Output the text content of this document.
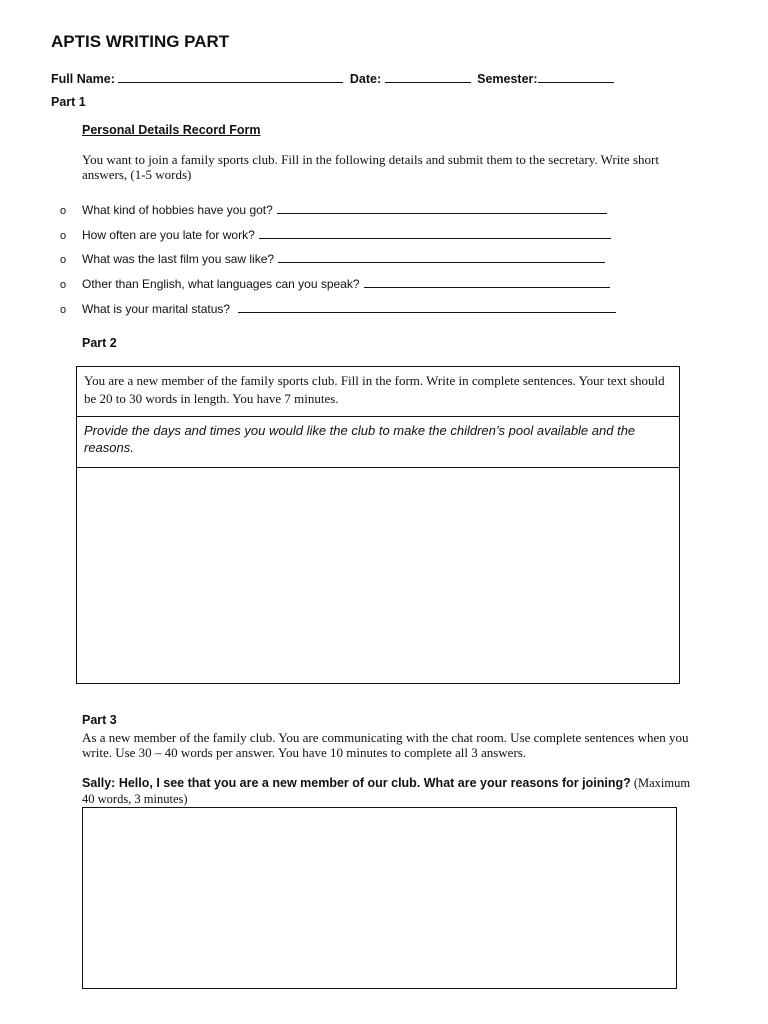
APTIS WRITING PART
Full Name:	Date:	Semester:
Part 1
Personal Details Record Form
You want to join a family sports club. Fill in the following details and submit them to the secretary. Write short answers, (1-5 words)
o What kind of hobbies have you got?
o How often are you late for work?
o What was the last film you saw like?
o Other than English, what languages can you speak?
o What is your marital status?
Part 2
You are a new member of the family sports club. Fill in the form. Write in complete sentences. Your text should be 20 to 30 words in length. You have 7 minutes.
Provide the days and times you would like the club to make the children’s pool available and the reasons.
Part 3
As a new member of the family club. You are communicating with the chat room. Use complete sentences when you write. Use 30 – 40 words per answer. You have 10 minutes to complete all 3 answers.
Sally: Hello, I see that you are a new member of our club. What are your reasons for joining? (Maximum 40 words, 3 minutes)
